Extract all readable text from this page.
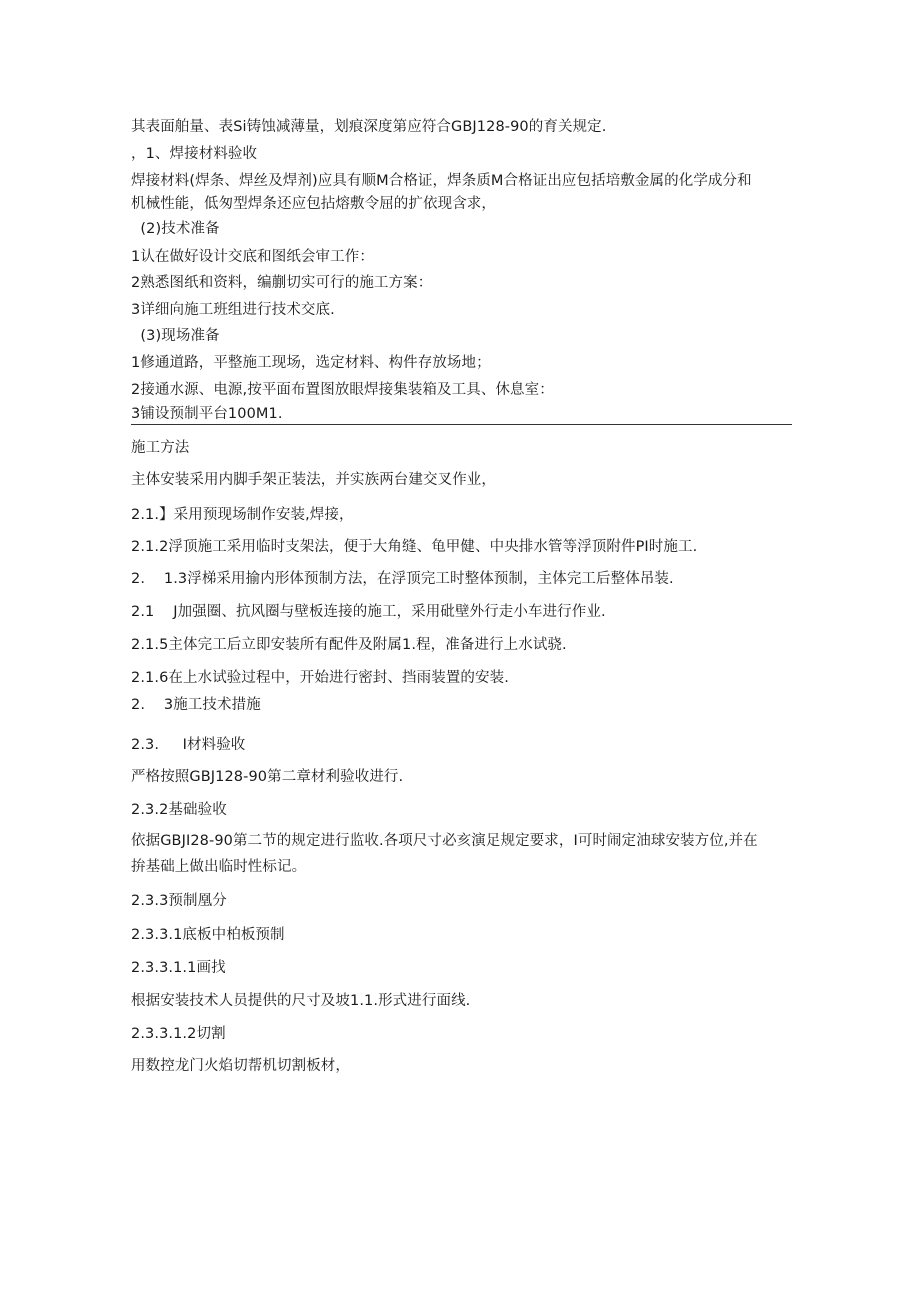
其表面舶量、表Si铸蚀减薄量，划痕深度第应符合GBJ128-90的育关规定.
，1、焊接材料验收
焊接材料(焊条、焊丝及焊剂)应具有顺M合格证，焊条质M合格证出应包括培敷金属的化学成分和
机械性能，低匆型焊条还应包拈熔敷令屈的扩依现含求，
(2)技术准备
1认在做好设计交底和图纸会审工作：
2熟悉图纸和资料，编蒯切实可行的施工方案：
3详细向施工班组进行技术交底.
(3)现场准备
1修通道路，平整施工现场，选定材料、构件存放场地；
2接通水源、电源,按平面布置图放眼焊接集装箱及工具、休息室：
3铺设预制平台100M1.
施工方法
主体安装采用内脚手架正装法，并实族两台建交叉作业，
2.1.】采用预现场制作安装,焊接，
2.1.2浮顶施工采用临时支架法，便于大角缝、龟甲健、中央排水管等浮顶附件PI时施工.
2.    1.3浮梯采用揄内形体预制方法，在浮顶完工时整体预制，主体完工后整体吊装.
2.1    J加强圈、抗风圈与壁板连接的施工，采用砒壁外行走小车进行作业.
2.1.5主体完工后立即安装所有配件及附属1.程，准备进行上水试骁.
2.1.6在上水试验过程中，开始进行密封、挡雨装置的安装.
2.    3施工技术措施
2.3.     I材料验收
严格按照GBJ128-90第二章材利验收进行.
2.3.2基础验收
依据GBJI28-90第二节的规定进行监收.各项尺寸必亥演足规定要求，I可时闹定油球安装方位,并在
拚基础上做出临时性标记。
2.3.3预制凰分
2.3.3.1底板中柏板预制
2.3.3.1.1画找
根据安装技术人员提供的尺寸及坡1.1.形式进行面线.
2.3.3.1.2切割
用数控龙门火焰切帮机切割板材，
